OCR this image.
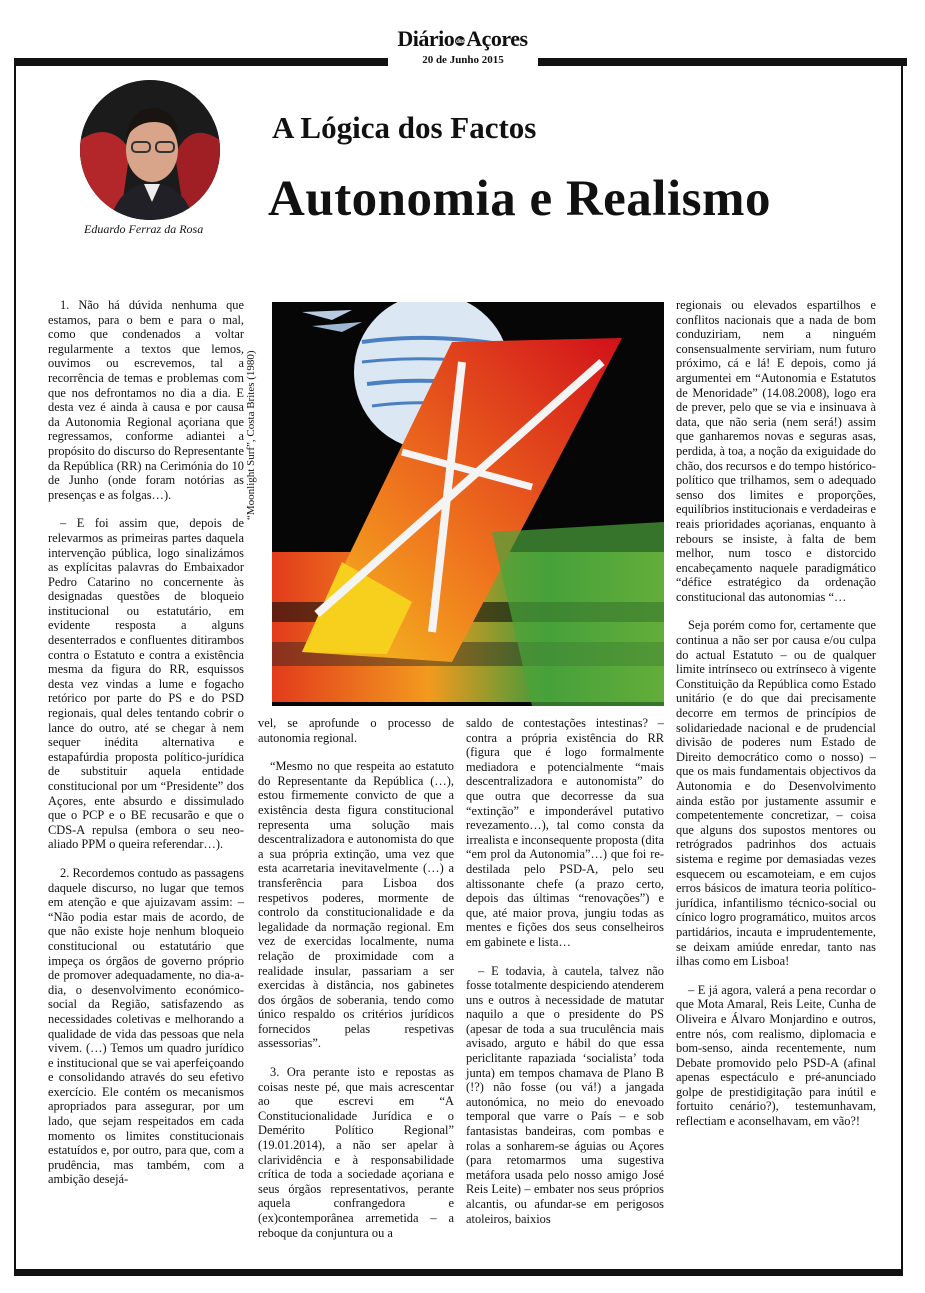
Diário dosAçores
20 de Junho 2015
Eduardo Ferraz da Rosa
A Lógica dos Factos
Autonomia e Realismo

1. Não há dúvida nenhuma que estamos, para o bem e para o mal, como que condenados a voltar regularmente a textos que lemos, ouvimos ou escrevemos, tal a recorrência de temas e problemas com que nos defrontamos no dia a dia. E desta vez é ainda à causa e por causa da Autonomia Regional açoriana que regressamos, conforme adiantei a propósito do discurso do Representante da República (RR) na Cerimónia do 10 de Junho (onde foram notórias as presenças e as folgas…).

– E foi assim que, depois de relevarmos as primeiras partes daquela intervenção pública, logo sinalizámos as explícitas palavras do Embaixador Pedro Catarino no concernente às designadas questões de bloqueio institucional ou estatutário, em evidente resposta a alguns desenterrados e confluentes ditirambos contra o Estatuto e contra a existência mesma da figura do RR, esquissos desta vez vindas a lume e fogacho retórico por parte do PS e do PSD regionais, qual deles tentando cobrir o lance do outro, até se chegar à nem sequer inédita alternativa e estapafúrdia proposta político-jurídica de substituir aquela entidade constitucional por um “Presidente” dos Açores, ente absurdo e dissimulado que o PCP e o BE recusarão e que o CDS-A repulsa (embora o seu neo-aliado PPM o queira referendar…).

2. Recordemos contudo as passagens daquele discurso, no lugar que temos em atenção e que ajuizavam assim: – “Não podia estar mais de acordo, de que não existe hoje nenhum bloqueio constitucional ou estatutário que impeça os órgãos de governo próprio de promover adequadamente, no dia-a-dia, o desenvolvimento económico-social da Região, satisfazendo as necessidades coletivas e melhorando a qualidade de vida das pessoas que nela vivem. (…) Temos um quadro jurídico e institucional que se vai aperfeiçoando e consolidando através do seu efetivo exercício. Ele contém os mecanismos apropriados para assegurar, por um lado, que sejam respeitados em cada momento os limites constitucionais estatuídos e, por outro, para que, com a prudência, mas também, com a ambição desejá-

“Moonlight Surf”, Costa Brites (1980)

vel, se aprofunde o processo de autonomia regional.

“Mesmo no que respeita ao estatuto do Representante da República (…), estou firmemente convicto de que a existência desta figura constitucional representa uma solução mais descentralizadora e autonomista do que a sua própria extinção, uma vez que esta acarretaria inevitavelmente (…) a transferência para Lisboa dos respetivos poderes, mormente de controlo da constitucionalidade e da legalidade da normação regional. Em vez de exercidas localmente, numa relação de proximidade com a realidade insular, passariam a ser exercidas à distância, nos gabinetes dos órgãos de soberania, tendo como único respaldo os critérios jurídicos fornecidos pelas respetivas assessorias”.

3. Ora perante isto e repostas as coisas neste pé, que mais acrescentar ao que escrevi em “A Constitucionalidade Jurídica e o Demérito Político Regional” (19.01.2014), a não ser apelar à clarividência e à responsabilidade crítica de toda a sociedade açoriana e seus órgãos representativos, perante aquela confrangedora e (ex)contemporânea arremetida – a reboque da conjuntura ou a

saldo de contestações intestinas? – contra a própria existência do RR (figura que é logo formalmente mediadora e potencialmente “mais descentralizadora e autonomista” do que outra que decorresse da sua “extinção” e imponderável putativo revezamento…), tal como consta da irrealista e inconsequente proposta (dita “em prol da Autonomia”…) que foi re-destilada pelo PSD-A, pelo seu altissonante chefe (a prazo certo, depois das últimas “renovações”) e que, até maior prova, jungiu todas as mentes e fições dos seus conselheiros em gabinete e lista…

– E todavia, à cautela, talvez não fosse totalmente despiciendo atenderem uns e outros à necessidade de matutar naquilo a que o presidente do PS (apesar de toda a sua truculência mais avisado, arguto e hábil do que essa periclitante rapaziada ‘socialista’ toda junta) em tempos chamava de Plano B (!?) não fosse (ou vá!) a jangada autonómica, no meio do enevoado temporal que varre o País – e sob fantasistas bandeiras, com pombas e rolas a sonharem-se águias ou Açores (para retomarmos uma sugestiva metáfora usada pelo nosso amigo José Reis Leite) – embater nos seus próprios alcantis, ou afundar-se em perigosos atoleiros, baixios

regionais ou elevados espartilhos e conflitos nacionais que a nada de bom conduziriam, nem a ninguém consensualmente serviriam, num futuro próximo, cá e lá! E depois, como já argumentei em “Autonomia e Estatutos de Menoridade” (14.08.2008), logo era de prever, pelo que se via e insinuava à data, que não seria (nem será!) assim que ganharemos novas e seguras asas, perdida, à toa, a noção da exiguidade do chão, dos recursos e do tempo histórico-político que trilhamos, sem o adequado senso dos limites e proporções, equilíbrios institucionais e verdadeiras e reais prioridades açorianas, enquanto à rebours se insiste, à falta de bem melhor, num tosco e distorcido encabeçamento naquele paradigmático “défice estratégico da ordenação constitucional das autonomias “…

Seja porém como for, certamente que continua a não ser por causa e/ou culpa do actual Estatuto – ou de qualquer limite intrínseco ou extrínseco à vigente Constituição da República como Estado unitário (e do que dai precisamente decorre em termos de princípios de solidariedade nacional e de prudencial divisão de poderes num Estado de Direito democrático como o nosso) – que os mais fundamentais objectivos da Autonomia e do Desenvolvimento ainda estão por justamente assumir e competentemente concretizar, – coisa que alguns dos supostos mentores ou retrógrados padrinhos dos actuais sistema e regime por demasiadas vezes esquecem ou escamoteiam, e em cujos erros básicos de imatura teoria político-jurídica, infantilismo técnico-social ou cínico logro programático, muitos arcos partidários, incauta e imprudentemente, se deixam amiúde enredar, tanto nas ilhas como em Lisboa!

– E já agora, valerá a pena recordar o que Mota Amaral, Reis Leite, Cunha de Oliveira e Álvaro Monjardino e outros, entre nós, com realismo, diplomacia e bom-senso, ainda recentemente, num Debate promovido pelo PSD-A (afinal apenas espectáculo e pré-anunciado golpe de prestidigitação para inútil e fortuito cenário?), testemunhavam, reflectiam e aconselhavam, em vão?!
